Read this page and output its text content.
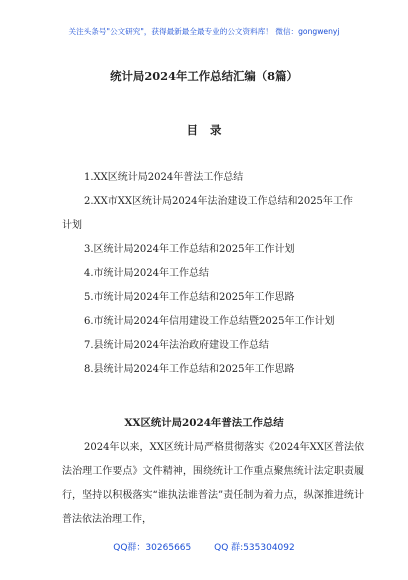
关注头条号"公文研究"，获得最新最全最专业的公文资料库！ 微信：gongwenyj
统计局2024年工作总结汇编（8篇）
目录

1.XX区统计局2024年普法工作总结

2.XX市XX区统计局2024年法治建设工作总结和2025年工作计划

3.区统计局2024年工作总结和2025年工作计划

4.市统计局2024年工作总结

5.市统计局2024年工作总结和2025年工作思路

6.市统计局2024年信用建设工作总结暨2025年工作计划

7.县统计局2024年法治政府建设工作总结

8.县统计局2024年工作总结和2025年工作思路

XX区统计局2024年普法工作总结

2024年以来，XX区统计局严格贯彻落实《2024年XX区普法依法治理工作要点》文件精神，围绕统计工作重点聚焦统计法定职责履行，坚持以积极落实“谁执法谁普法”责任制为着力点，纵深推进统计普法依法治理工作，

QQ群：30265665        QQ 群:535304092
